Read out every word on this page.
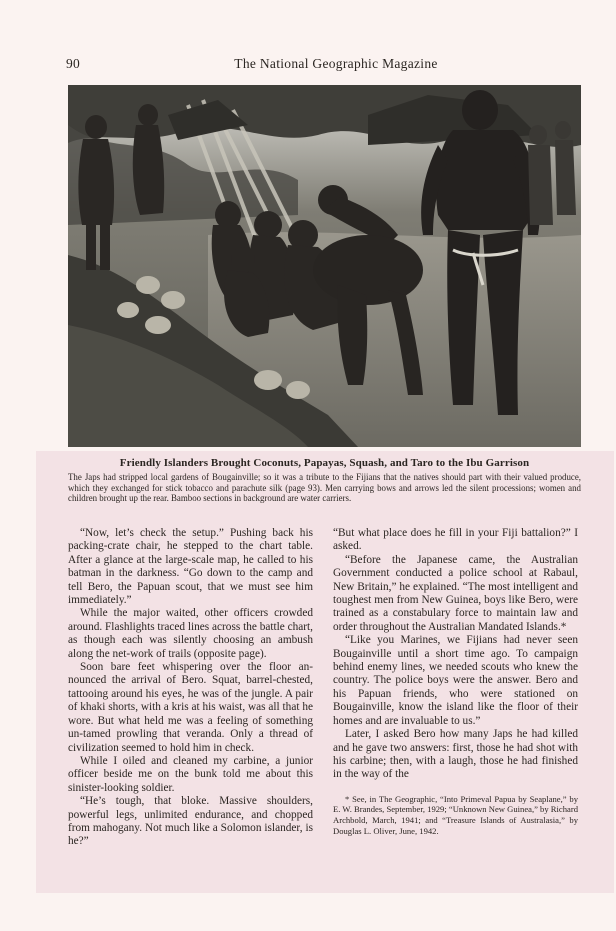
90	The National Geographic Magazine
Friendly Islanders Brought Coconuts, Papayas, Squash, and Taro to the Ibu Garrison
The Japs had stripped local gardens of Bougainville; so it was a tribute to the Fijians that the natives should part with their valued produce, which they exchanged for stick tobacco and parachute silk (page 93). Men carrying bows and arrows led the silent processions; women and children brought up the rear. Bamboo sections in background are water carriers.

“Now, let’s check the setup.” Pushing back his packing-crate chair, he stepped to the chart table. After a glance at the large-scale map, he called to his batman in the darkness. “Go down to the camp and tell Bero, the Papuan scout, that we must see him immediately.”

While the major waited, other officers crowded around. Flashlights traced lines across the battle chart, as though each was silently choosing an ambush along the net-work of trails (opposite page).

Soon bare feet whispering over the floor an-nounced the arrival of Bero. Squat, barrel-chested, tattooing around his eyes, he was of the jungle. A pair of khaki shorts, with a kris at his waist, was all that he wore. But what held me was a feeling of something un-tamed prowling that veranda. Only a thread of civilization seemed to hold him in check.

While I oiled and cleaned my carbine, a junior officer beside me on the bunk told me about this sinister-looking soldier.

“He’s tough, that bloke. Massive shoulders, powerful legs, unlimited endurance, and chopped from mahogany. Not much like a Solomon islander, is he?”

“But what place does he fill in your Fiji battalion?” I asked.

“Before the Japanese came, the Australian Government conducted a police school at Rabaul, New Britain,” he explained. “The most intelligent and toughest men from New Guinea, boys like Bero, were trained as a constabulary force to maintain law and order throughout the Australian Mandated Islands.*

“Like you Marines, we Fijians had never seen Bougainville until a short time ago. To campaign behind enemy lines, we needed scouts who knew the country. The police boys were the answer. Bero and his Papuan friends, who were stationed on Bougainville, know the island like the floor of their homes and are invaluable to us.”

Later, I asked Bero how many Japs he had killed and he gave two answers: first, those he had shot with his carbine; then, with a laugh, those he had finished in the way of the

* See, in The Geographic, “Into Primeval Papua by Seaplane,” by E. W. Brandes, September, 1929; “Unknown New Guinea,” by Richard Archbold, March, 1941; and “Treasure Islands of Australasia,” by Douglas L. Oliver, June, 1942.
